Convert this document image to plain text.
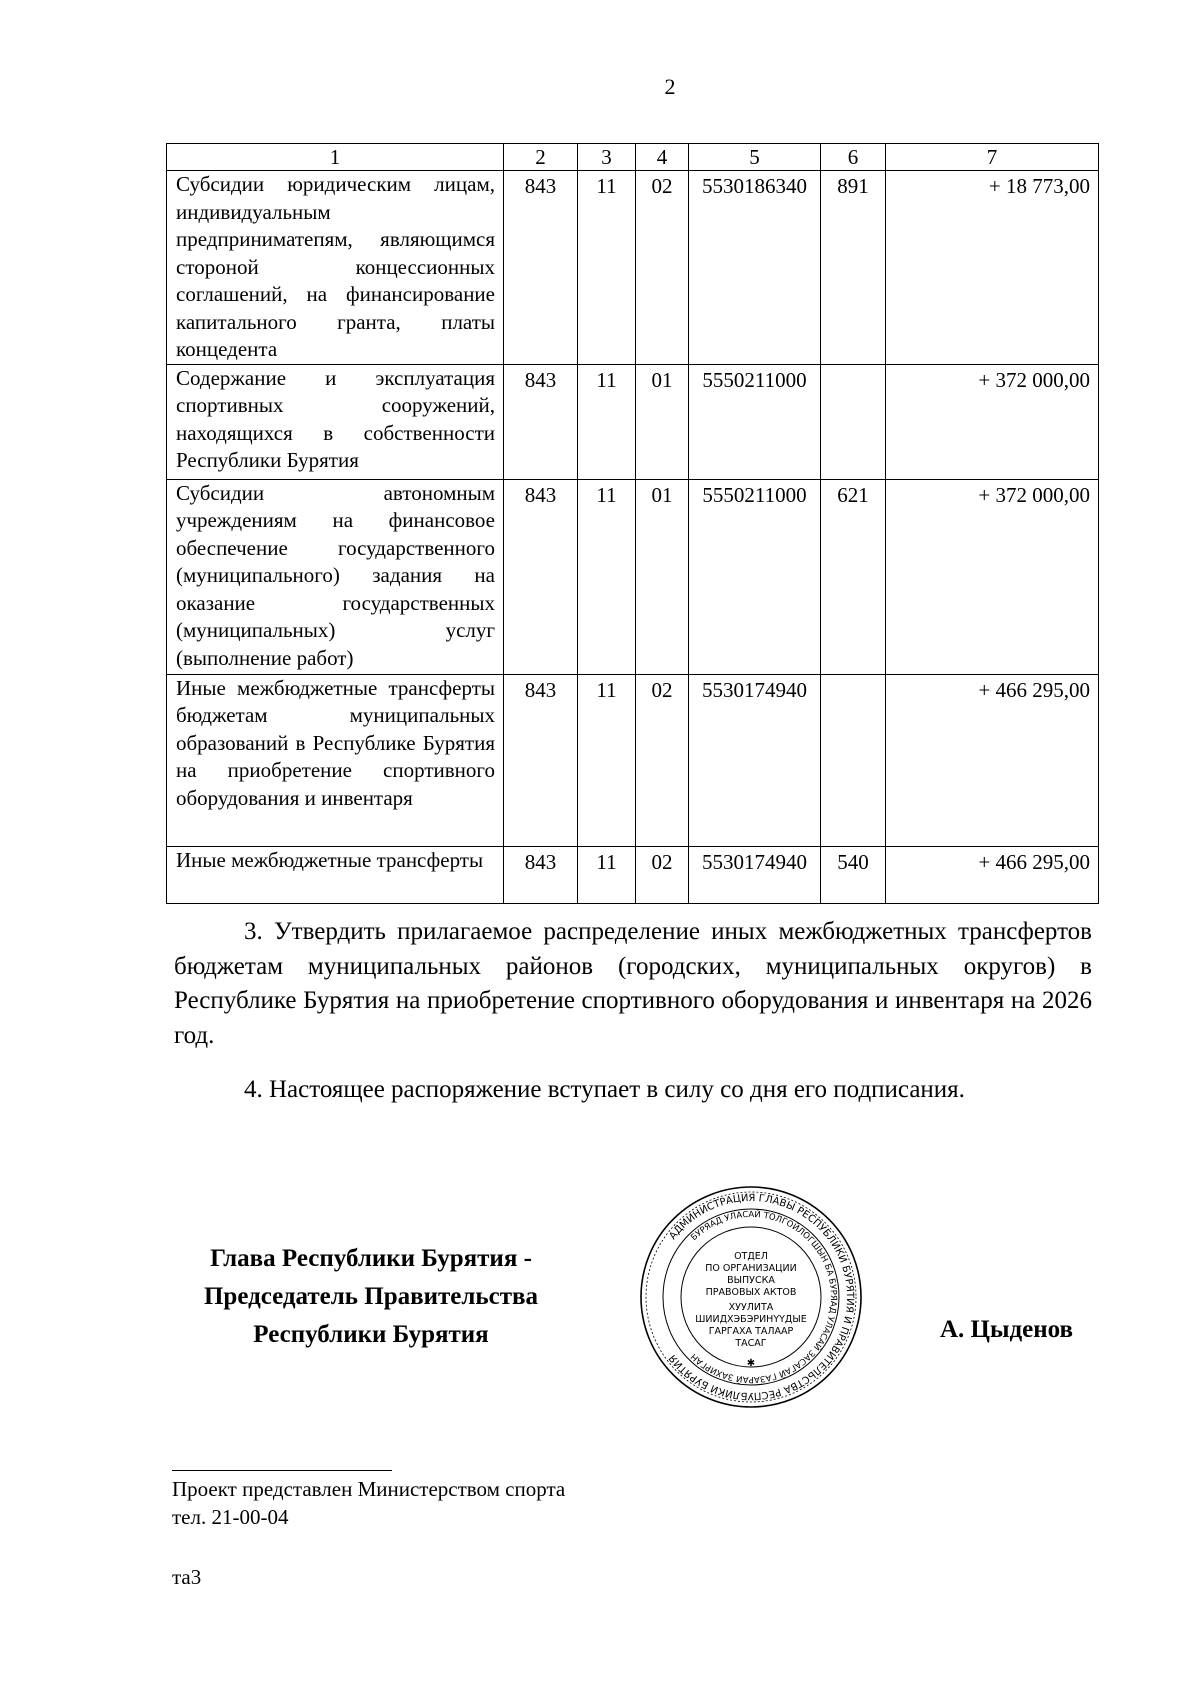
2
1	2	3	4	5	6	7
Субсидии юридическим лицам, индивидуальным предприниматепям, являющимся стороной концессионных соглашений, на финансирование капитального гранта, платы концедента	843	11	02	5530186340	891	+ 18 773,00
Содержание и эксплуатация спортивных сооружений, находящихся в собственности Республики Бурятия	843	11	01	5550211000		+ 372 000,00
Субсидии автономным учреждениям на финансовое обеспечение государственного (муниципального) задания на оказание государственных (муниципальных) услуг (выполнение работ)	843	11	01	5550211000	621	+ 372 000,00
Иные межбюджетные трансферты бюджетам муниципальных образований в Республике Бурятия на приобретение спортивного оборудования и инвентаря	843	11	02	5530174940		+ 466 295,00
Иные межбюджетные трансферты	843	11	02	5530174940	540	+ 466 295,00

3. Утвердить прилагаемое распределение иных межбюджетных трансфертов бюджетам муниципальных районов (городских, муниципальных округов) в Республике Бурятия на приобретение спортивного оборудования и инвентаря на 2026 год.

4. Настоящее распоряжение вступает в силу со дня его подписания.

Глава Республики Бурятия -
Председатель Правительства
Республики Бурятия
АДМИНИСТРАЦИЯ ГЛАВЫ РЕСПУБЛИКИ БУРЯТИЯ И ПРАВИТЕЛЬСТВА РЕСПУБЛИКИ БУРЯТИЯ
БУРЯАД УЛАСАЙ ТОЛГОЙЛОГШЫН БА БУРЯАД УЛАСАЙ ЗАСАГАЙ ГАЗАРАЙ ЗАХИРГАН
ОТДЕЛ
ПО ОРГАНИЗАЦИИ
ВЫПУСКА
ПРАВОВЫХ АКТОВ
ХУУЛИТА
ШИИДХЭБЭРИНҮҮДЫЕ
ГАРГАХА ТАЛААР
ТАСАГ
✱
А. Цыденов
Проект представлен Министерством спорта
тел. 21-00-04
та3
